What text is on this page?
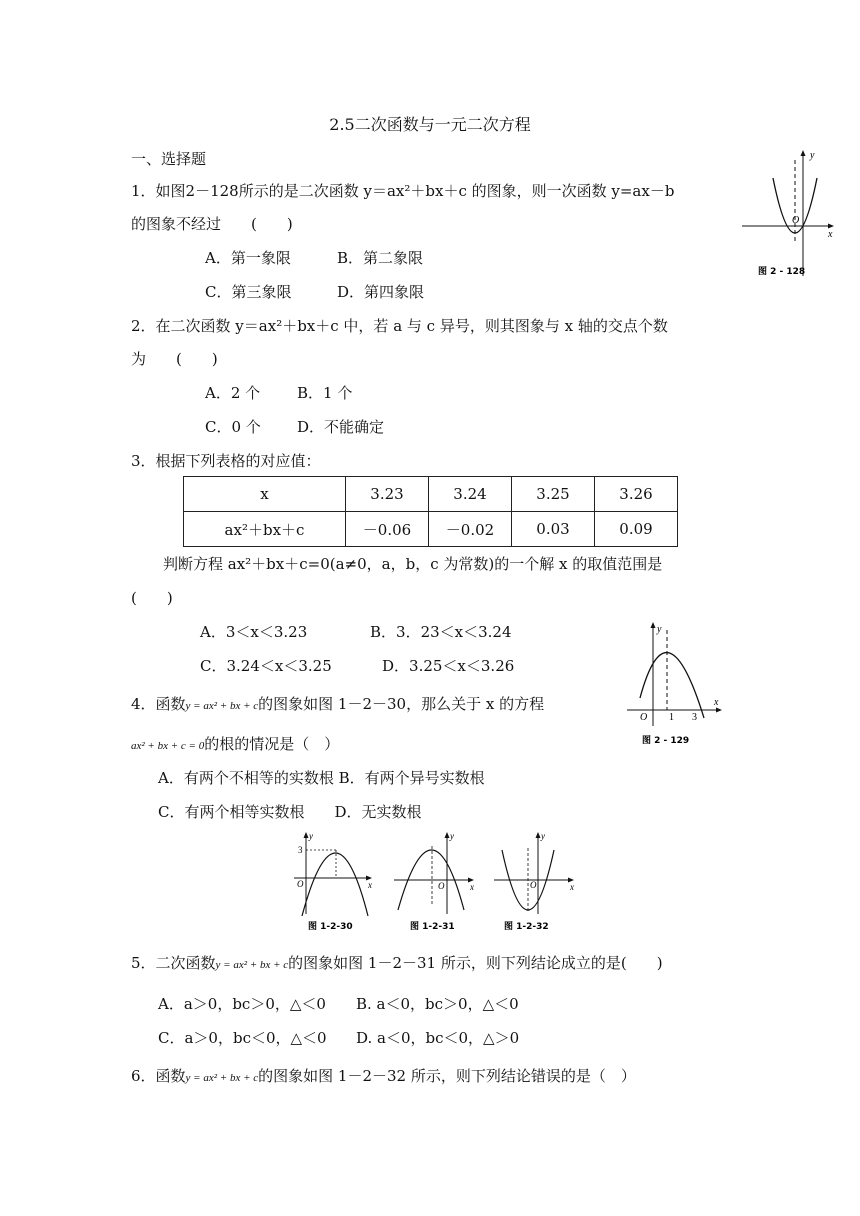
2.5二次函数与一元二次方程
一、选择题
1．如图2－128所示的是二次函数 y＝ax²＋bx＋c 的图象，则一次函数 y=ax－b
的图象不经过　　(　　)
A．第一象限	B．第二象限
C．第三象限	D．第四象限
y
x
O
图 2 - 128
2．在二次函数 y＝ax²＋bx＋c 中，若 a 与 c 异号，则其图象与 x 轴的交点个数
为　　(　　)
A．2 个 B．1 个
C．0 个 D．不能确定
3．根据下列表格的对应值：
x	3.23	3.24	3.25	3.26
ax²＋bx＋c	－0.06	－0.02	0.03	0.09
判断方程 ax²＋bx＋c=0(a≠0，a，b，c 为常数)的一个解 x 的取值范围是
(　　)
A．3＜x＜3.23	B．3．23＜x＜3.24
C．3.24＜x＜3.25	D．3.25＜x＜3.26
y
x
O 1 3
图 2 - 129
4．函数y = ax² + bx + c的图象如图 1－2－30，那么关于 x 的方程
ax² + bx + c = 0的根的情况是（　）
A．有两个不相等的实数根 B．有两个异号实数根
C．有两个相等实数根　　D．无实数根
y
x
O
3
图 1-2-30
y
x
O
图 1-2-31
y
x
O
图 1-2-32
5．二次函数y = ax² + bx + c的图象如图 1－2－31 所示，则下列结论成立的是(　　)
A．a＞0，bc＞0，△＜0 B. a＜0，bc＞0，△＜0
C．a＞0，bc＜0，△＜0 D. a＜0，bc＜0，△＞0
6．函数y = ax² + bx + c的图象如图 1－2－32 所示，则下列结论错误的是（　）
